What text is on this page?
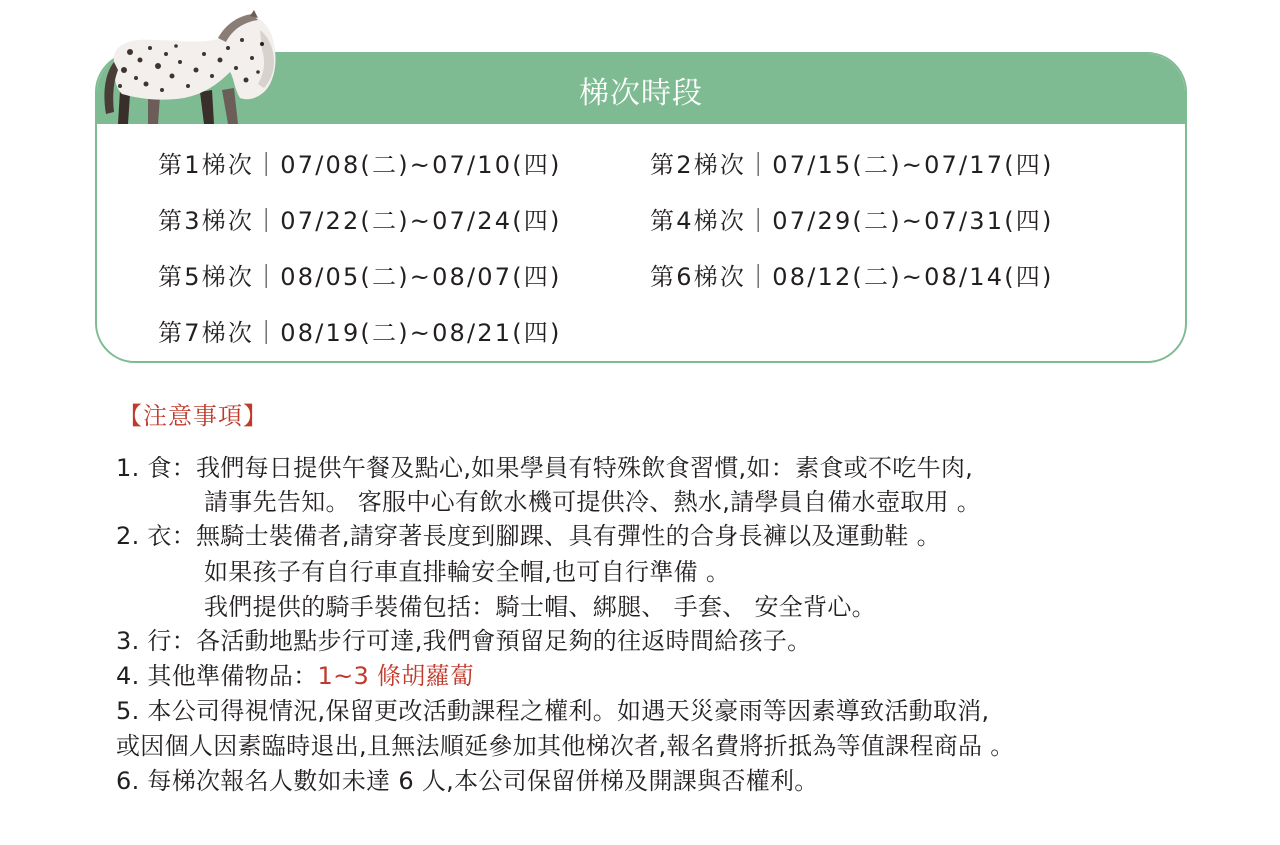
梯次時段
第1梯次｜07/08(二)~07/10(四)	第2梯次｜07/15(二)~07/17(四)
第3梯次｜07/22(二)~07/24(四)	第4梯次｜07/29(二)~07/31(四)
第5梯次｜08/05(二)~08/07(四)	第6梯次｜08/12(二)~08/14(四)
第7梯次｜08/19(二)~08/21(四)
【注意事項】
1. 食：我們每日提供午餐及點心,如果學員有特殊飲食習慣,如：素食或不吃牛肉,
請事先告知。 客服中心有飲水機可提供冷、熱水,請學員自備水壺取用 。
2. 衣：無騎士裝備者,請穿著長度到腳踝、具有彈性的合身長褲以及運動鞋 。
如果孩子有自行車直排輪安全帽,也可自行準備 。
我們提供的騎手裝備包括：騎士帽、綁腿、 手套、 安全背心。
3. 行：各活動地點步行可達,我們會預留足夠的往返時間給孩子。
4. 其他準備物品：1~3 條胡蘿蔔
5. 本公司得視情況,保留更改活動課程之權利。如遇天災豪雨等因素導致活動取消,
或因個人因素臨時退出,且無法順延參加其他梯次者,報名費將折抵為等值課程商品 。
6. 每梯次報名人數如未達 6 人,本公司保留併梯及開課與否權利。
